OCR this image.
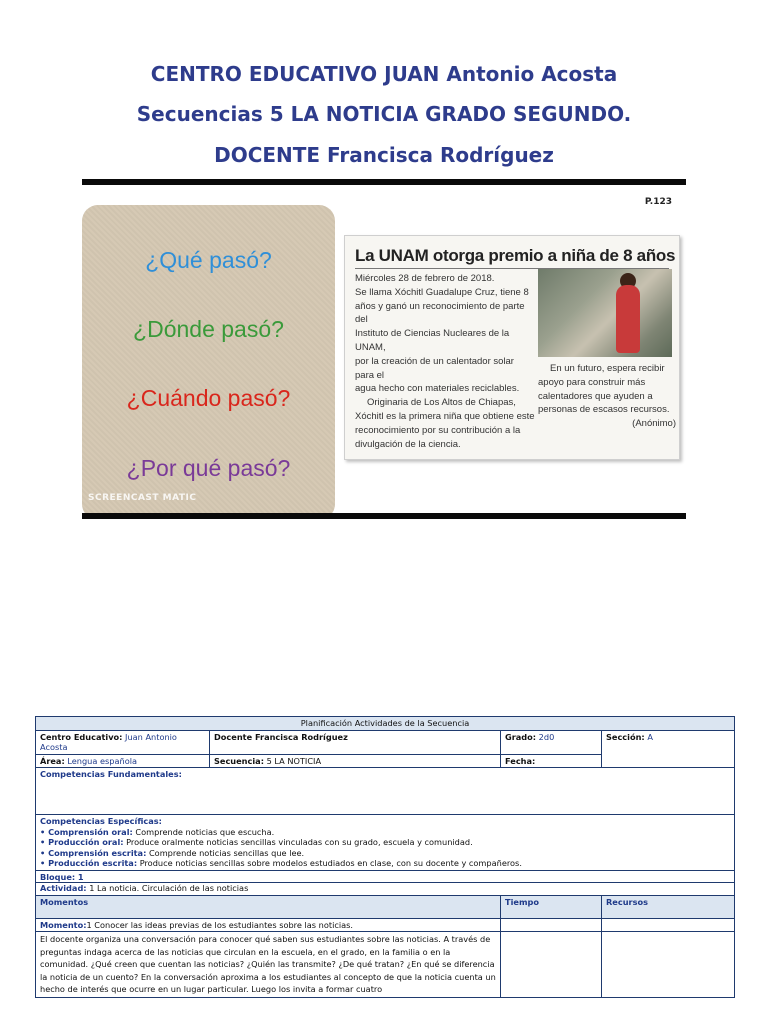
CENTRO EDUCATIVO JUAN Antonio Acosta
Secuencias 5 LA NOTICIA GRADO SEGUNDO.
DOCENTE Francisca Rodríguez
¿Qué pasó?
¿Dónde pasó?
¿Cuándo pasó?
¿Por qué pasó?
SCREENCAST MATIC
P.123
La UNAM otorga premio a niña de 8 años
Miércoles 28 de febrero de 2018.
Se llama Xóchitl Guadalupe Cruz, tiene 8
años y ganó un reconocimiento de parte del
Instituto de Ciencias Nucleares de la UNAM,
por la creación de un calentador solar para el
agua hecho con materiales reciclables.
Originaria de Los Altos de Chiapas,
Xóchitl es la primera niña que obtiene este
reconocimiento por su contribución a la
divulgación de la ciencia.
En un futuro, espera recibir
apoyo para construir más
calentadores que ayuden a
personas de escasos recursos.
(Anónimo)
Planificación Actividades de la Secuencia			
Centro Educativo: Juan Antonio Acosta	Docente Francisca Rodríguez	Grado: 2d0	Sección: A
Área: Lengua española	Secuencia: 5 LA NOTICIA	Fecha:	
Competencias Fundamentales:			

Competencias Específicas:
• Comprensión oral: Comprende noticias que escucha.
• Producción oral: Produce oralmente noticias sencillas vinculadas con su grado, escuela y comunidad.
• Comprensión escrita: Comprende noticias sencillas que lee.
• Producción escrita: Produce noticias sencillas sobre modelos estudiados en clase, con su docente y compañeros.			

Bloque: 1
Actividad: 1 La noticia. Circulación de las noticias			

Momentos		Tiempo	Recursos
Momento:1 Conocer las ideas previas de los estudiantes sobre las noticias.			
El docente organiza una conversación para conocer qué saben sus estudiantes sobre las noticias. A través de preguntas indaga acerca de las noticias que circulan en la escuela, en el grado, en la familia o en la comunidad. ¿Qué creen que cuentan las noticias? ¿Quién las transmite? ¿De qué tratan? ¿En qué se diferencia la noticia de un cuento? En la conversación aproxima a los estudiantes al concepto de que la noticia cuenta un hecho de interés que ocurre en un lugar particular. Luego los invita a formar cuatro			
